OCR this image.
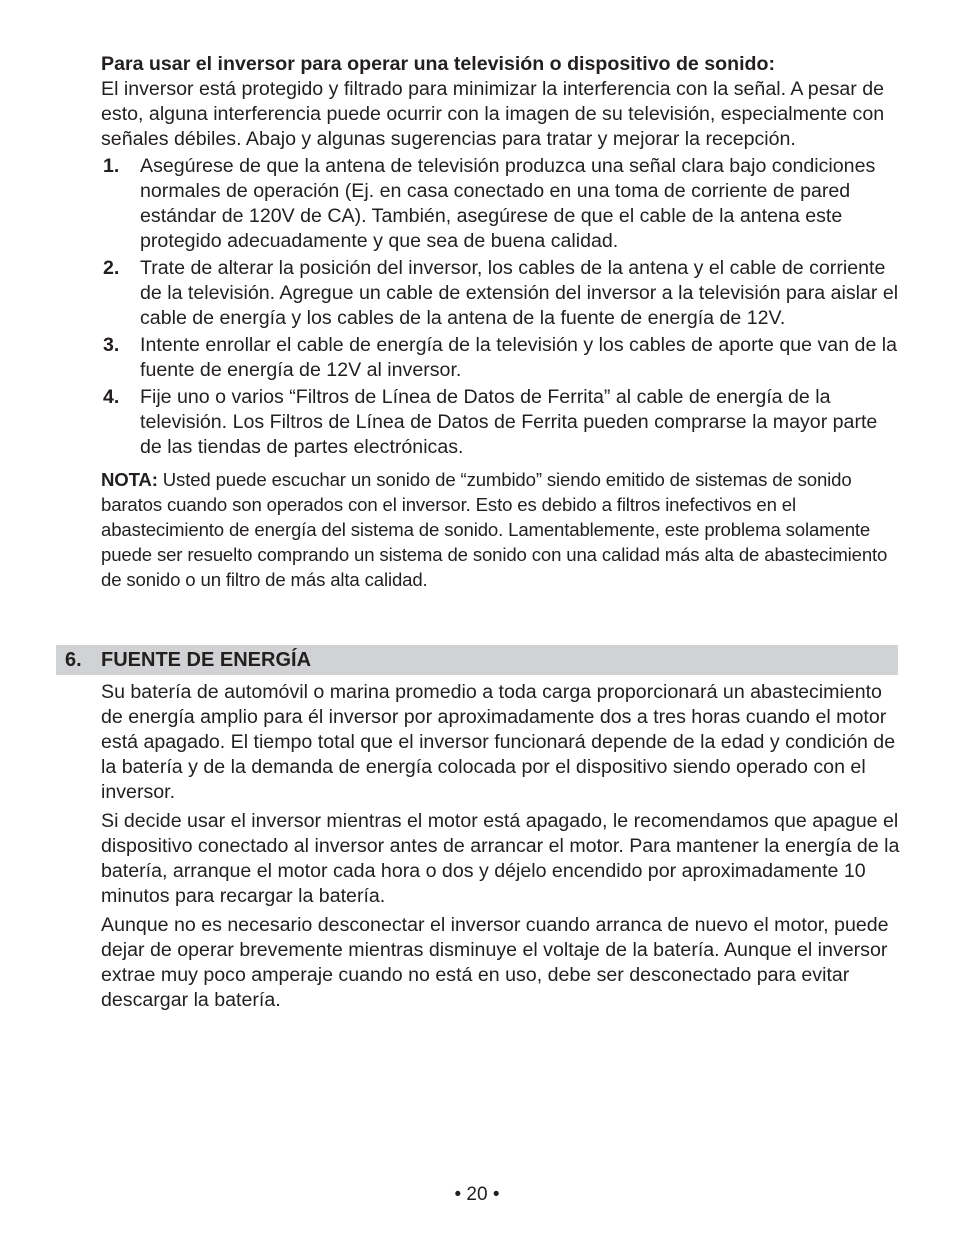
Para usar el inversor para operar una televisión o dispositivo de sonido:

El inversor está protegido y filtrado para minimizar la interferencia con la señal. A pesar de esto, alguna interferencia puede ocurrir con la imagen de su televisión, especialmente con señales débiles. Abajo y algunas sugerencias para tratar y mejorar la recepción.

1. Asegúrese de que la antena de televisión produzca una señal clara bajo condiciones normales de operación (Ej. en casa conectado en una toma de corriente de pared estándar de 120V de CA). También, asegúrese de que el cable de la antena este protegido adecuadamente y que sea de buena calidad.
2. Trate de alterar la posición del inversor, los cables de la antena y el cable de corriente de la televisión. Agregue un cable de extensión del inversor a la televisión para aislar el cable de energía y los cables de la antena de la fuente de energía de 12V.
3. Intente enrollar el cable de energía de la televisión y los cables de aporte que van de la fuente de energía de 12V al inversor.
4. Fije uno o varios “Filtros de Línea de Datos de Ferrita” al cable de energía de la televisión. Los Filtros de Línea de Datos de Ferrita pueden comprarse la mayor parte de las tiendas de partes electrónicas.

NOTA: Usted puede escuchar un sonido de “zumbido” siendo emitido de sistemas de sonido baratos cuando son operados con el inversor. Esto es debido a filtros inefectivos en el abastecimiento de energía del sistema de sonido. Lamentablemente, este problema solamente puede ser resuelto comprando un sistema de sonido con una calidad más alta de abastecimiento de sonido o un filtro de más alta calidad.

6. FUENTE DE ENERGÍA

Su batería de automóvil o marina promedio a toda carga proporcionará un abastecimiento de energía amplio para él inversor por aproximadamente dos a tres horas cuando el motor está apagado. El tiempo total que el inversor funcionará depende de la edad y condición de la batería y de la demanda de energía colocada por el dispositivo siendo operado con el inversor.

Si decide usar el inversor mientras el motor está apagado, le recomendamos que apague el dispositivo conectado al inversor antes de arrancar el motor. Para mantener la energía de la batería, arranque el motor cada hora o dos y déjelo encendido por aproximadamente 10 minutos para recargar la batería.

Aunque no es necesario desconectar el inversor cuando arranca de nuevo el motor, puede dejar de operar brevemente mientras disminuye el voltaje de la batería. Aunque el inversor extrae muy poco amperaje cuando no está en uso, debe ser desconectado para evitar descargar la batería.

• 20 •
